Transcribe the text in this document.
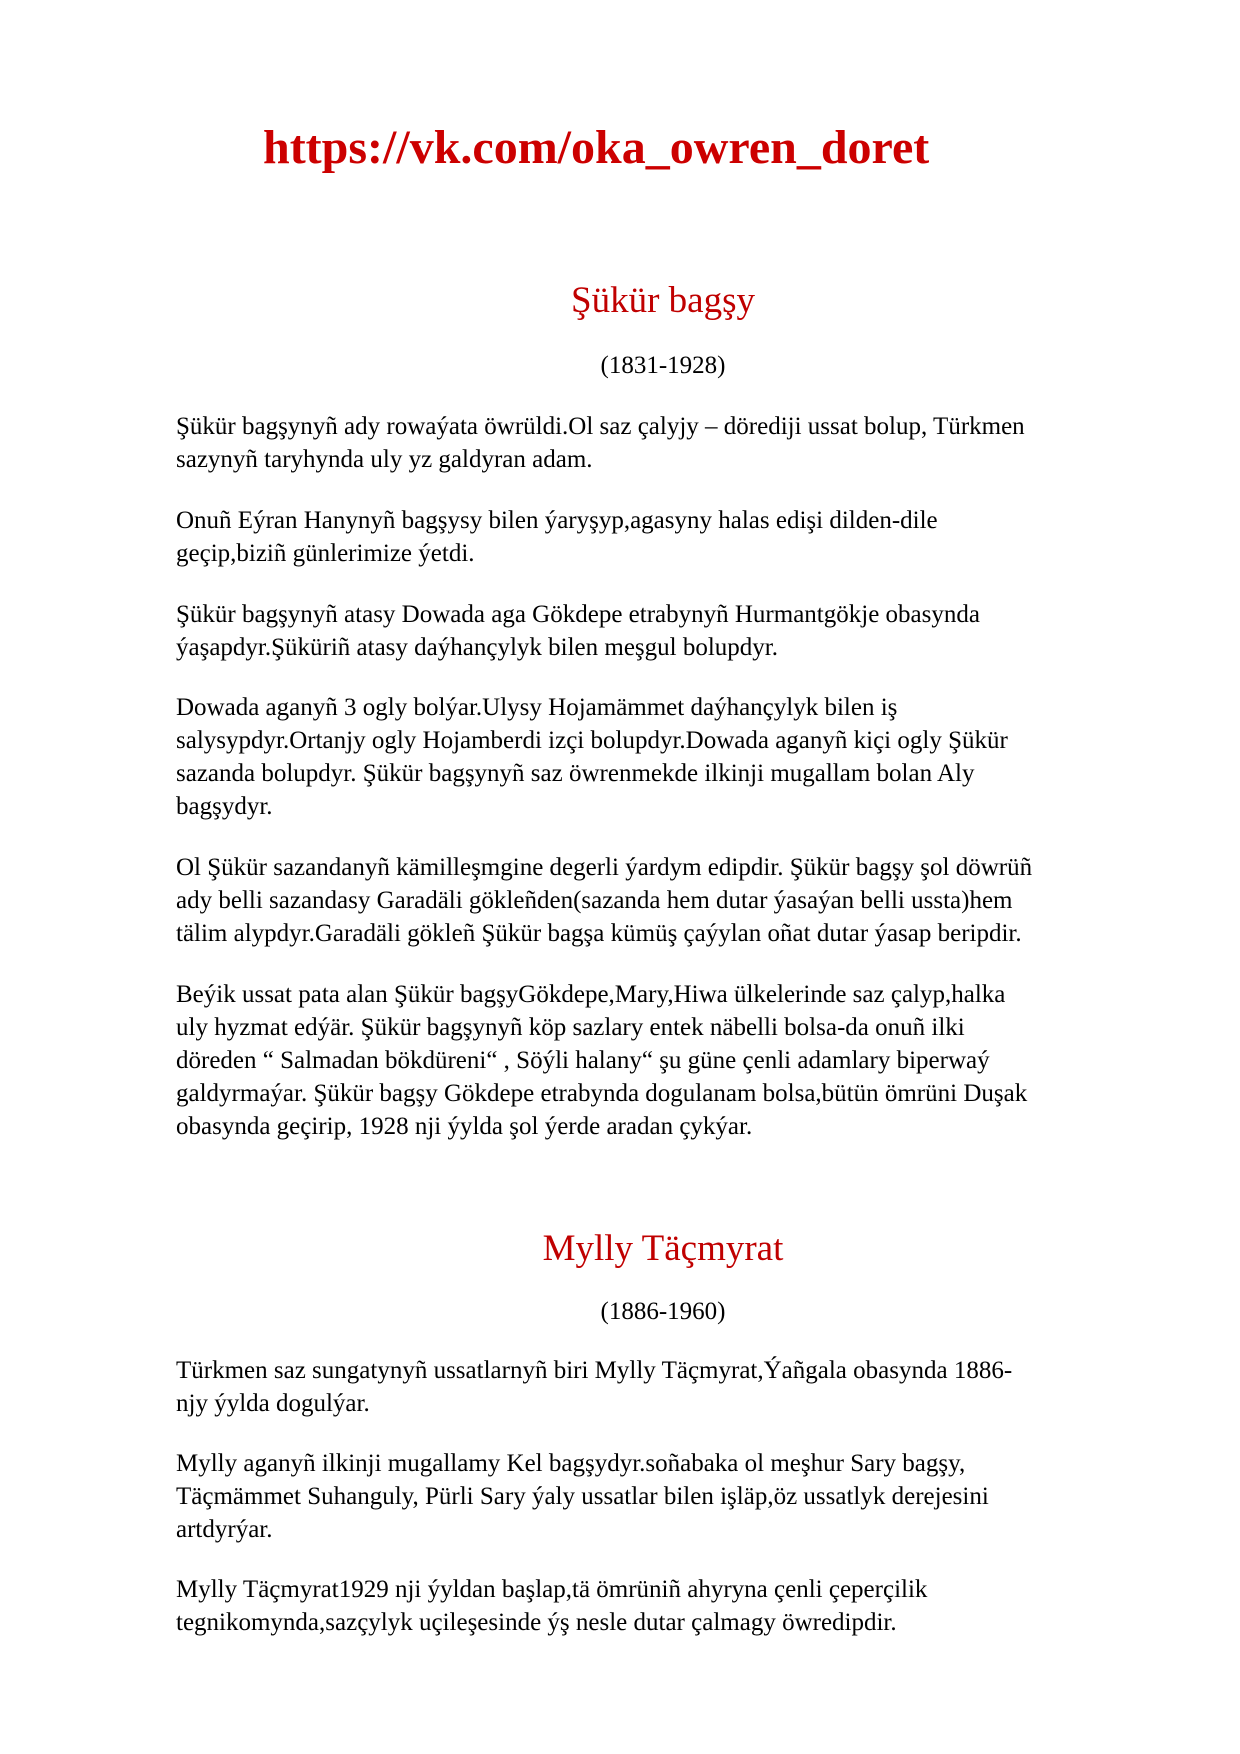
https://vk.com/oka_owren_doret
Şükür bagşy
(1831-1928)
Şükür bagşynyñ ady rowaýata öwrüldi.Ol saz çalyjy – dörediji ussat bolup, Türkmen
sazynyñ taryhynda uly yz galdyran adam.
Onuñ Eýran Hanynyñ bagşysy bilen ýaryşyp,agasyny halas edişi dilden-dile
geçip,biziñ günlerimize ýetdi.
Şükür bagşynyñ atasy Dowada aga Gökdepe etrabynyñ Hurmantgökje obasynda
ýaşapdyr.Şüküriñ atasy daýhançylyk bilen meşgul bolupdyr.
Dowada aganyñ 3 ogly bolýar.Ulysy Hojamämmet daýhançylyk bilen iş
salysypdyr.Ortanjy ogly Hojamberdi izçi bolupdyr.Dowada aganyñ kiçi ogly Şükür
sazanda bolupdyr. Şükür bagşynyñ saz öwrenmekde ilkinji mugallam bolan Aly
bagşydyr.
Ol Şükür sazandanyñ kämilleşmgine degerli ýardym edipdir. Şükür bagşy şol döwrüñ
ady belli sazandasy Garadäli gökleñden(sazanda hem dutar ýasaýan belli ussta)hem
tälim alypdyr.Garadäli gökleñ Şükür bagşa kümüş çaýylan oñat dutar ýasap beripdir.
Beýik ussat pata alan Şükür bagşyGökdepe,Mary,Hiwa ülkelerinde saz çalyp,halka
uly hyzmat edýär. Şükür bagşynyñ köp sazlary entek näbelli bolsa-da onuñ ilki
döreden “ Salmadan bökdüreni“ , Söýli halany“ şu güne çenli adamlary biperwaý
galdyrmaýar. Şükür bagşy Gökdepe etrabynda dogulanam bolsa,bütün ömrüni Duşak
obasynda geçirip, 1928 nji ýylda şol ýerde aradan çykýar.
Mylly Täçmyrat
(1886-1960)
Türkmen saz sungatynyñ ussatlarnyñ biri Mylly Täçmyrat,Ýañgala obasynda 1886-
njy ýylda dogulýar.
Mylly aganyñ ilkinji mugallamy Kel bagşydyr.soñabaka ol meşhur Sary bagşy,
Täçmämmet Suhanguly, Pürli Sary ýaly ussatlar bilen işläp,öz ussatlyk derejesini
artdyrýar.
Mylly Täçmyrat1929 nji ýyldan başlap,tä ömrüniñ ahyryna çenli çeperçilik
tegnikomynda,sazçylyk uçileşesinde ýş nesle dutar çalmagy öwredipdir.
